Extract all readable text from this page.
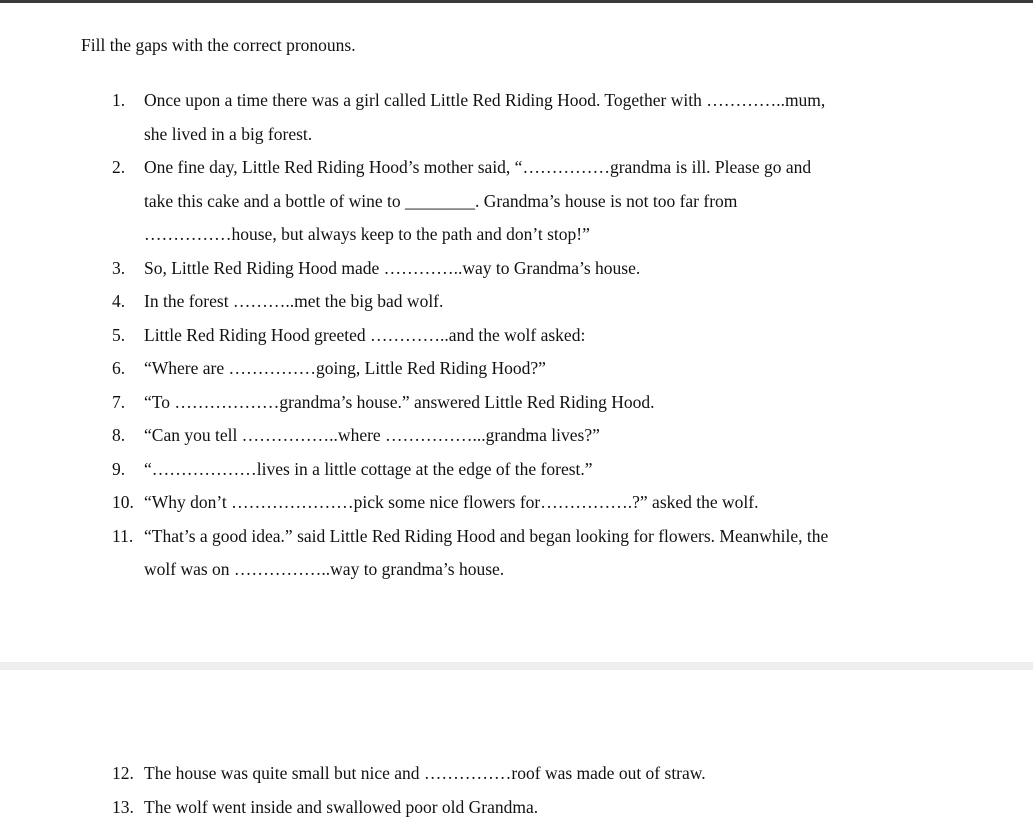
Fill the gaps with the correct pronouns.
1. Once upon a time there was a girl called Little Red Riding Hood. Together with …………..mum,
she lived in a big forest.
2. One fine day, Little Red Riding Hood’s mother said, “……………grandma is ill. Please go and
take this cake and a bottle of wine to ________. Grandma’s house is not too far from
……………house, but always keep to the path and don’t stop!”
3. So, Little Red Riding Hood made …………..way to Grandma’s house.
4. In the forest ………..met the big bad wolf.
5. Little Red Riding Hood greeted …………..and the wolf asked:
6. “Where are ……………going, Little Red Riding Hood?”
7. “To ………………grandma’s house.” answered Little Red Riding Hood.
8. “Can you tell ……………..where ……………...grandma lives?”
9. “………………lives in a little cottage at the edge of the forest.”
10. “Why don’t …………………pick some nice flowers for…………….?” asked the wolf.
11. “That’s a good idea.” said Little Red Riding Hood and began looking for flowers. Meanwhile, the
wolf was on ……………..way to grandma’s house.
12. The house was quite small but nice and ……………roof was made out of straw.
13. The wolf went inside and swallowed poor old Grandma.
